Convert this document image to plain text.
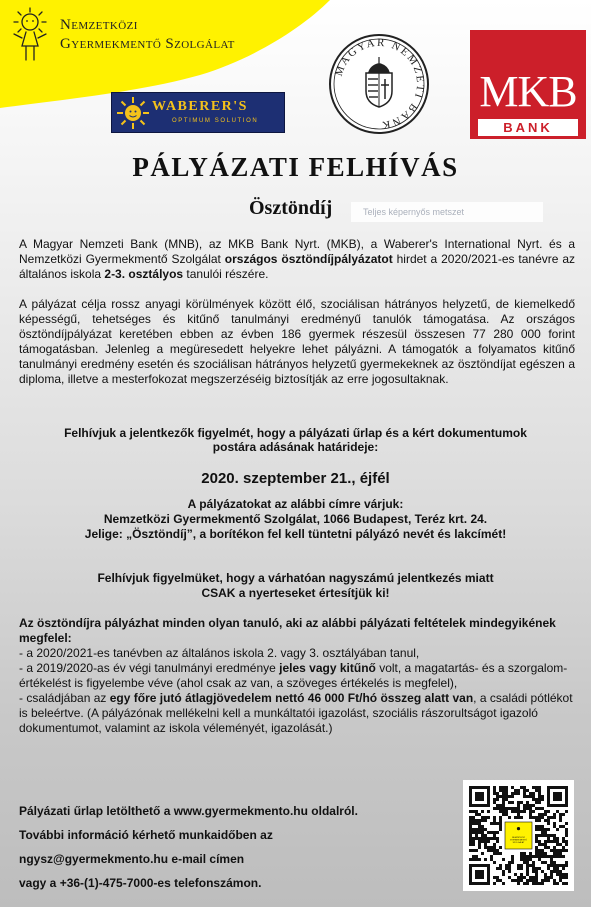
Nemzetközi
Gyermekmentő Szolgálat
WABERER'S
OPTIMUM SOLUTION
MAGYAR NEMZETI BANK
MKB
BANK
PÁLYÁZATI FELHÍVÁS
Ösztöndíj	Teljes képernyős metszet

A Magyar Nemzeti Bank (MNB), az MKB Bank Nyrt. (MKB), a Waberer's International Nyrt. és a Nemzetközi Gyermekmentő Szolgálat országos ösztöndíjpályázatot hirdet a 2020/2021-es tanévre az általános iskola 2-3. osztályos tanulói részére.

A pályázat célja rossz anyagi körülmények között élő, szociálisan hátrányos helyzetű, de kiemelkedő képességű, tehetséges és kitűnő tanulmányi eredményű tanulók támogatása. Az országos ösztöndíjpályázat keretében ebben az évben 186 gyermek részesül összesen 77 280 000 forint támogatásban. Jelenleg a megüresedett helyekre lehet pályázni. A támogatók a folyamatos kitűnő tanulmányi eredmény esetén és szociálisan hátrányos helyzetű gyermekeknek az ösztöndíjat egészen a diploma, illetve a mesterfokozat megszerzéséig biztosítják az erre jogosultaknak.

Felhívjuk a jelentkezők figyelmét, hogy a pályázati űrlap és a kért dokumentumok
postára adásának határideje:
2020. szeptember 21., éjfél
A pályázatokat az alábbi címre várjuk:
Nemzetközi Gyermekmentő Szolgálat, 1066 Budapest, Teréz krt. 24.
Jelige: „Ösztöndíj”, a borítékon fel kell tüntetni pályázó nevét és lakcímét!
Felhívjuk figyelmüket, hogy a várhatóan nagyszámú jelentkezés miatt
CSAK a nyerteseket értesítjük ki!
Az ösztöndíjra pályázhat minden olyan tanuló, aki az alábbi pályázati feltételek mindegyikének megfelel:
- a 2020/2021-es tanévben az általános iskola 2. vagy 3. osztályában tanul,
- a 2019/2020-as év végi tanulmányi eredménye jeles vagy kitűnő volt, a magatartás- és a szorgalom-értékelést is figyelembe véve (ahol csak az van, a szöveges értékelés is megfelel),
- családjában az egy főre jutó átlagjövedelem nettó 46 000 Ft/hó összeg alatt van, a családi pótlékot is beleértve. (A pályázónak mellékelni kell a munkáltatói igazolást, szociális rászorultságot igazoló dokumentumot, valamint az iskola véleményét, igazolását.)
Pályázati űrlap letölthető a www.gyermekmento.hu oldalról.
További információ kérhető munkaidőben az
ngysz@gyermekmento.hu e-mail címen
vagy a +36-(1)-475-7000-es telefonszámon.
NEMZETKÖZI
GYERMEKMENTŐ
SZOLGÁLAT
